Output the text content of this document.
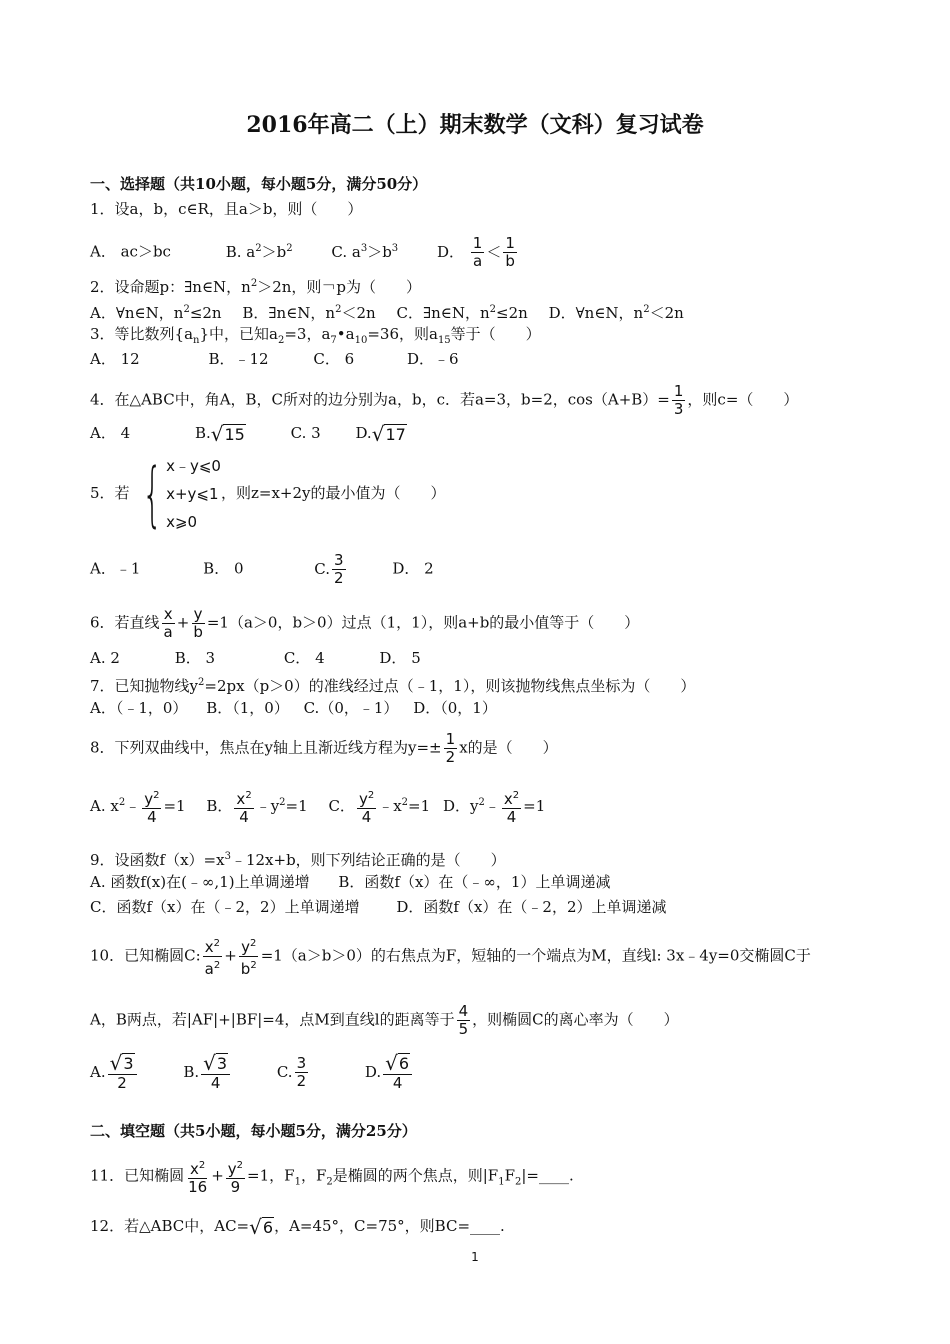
2016年高二（上）期末数学（文科）复习试卷
一、选择题（共10小题，每小题5分，满分50分）
1．设a，b，c∈R，且a＞b，则（　　）
A． ac＞bc	B. $a^2>b^2$	C. $a^3>b^3$	D． $\frac{1}{a} < \frac{1}{b}$
2．设命题p：∃n∈N，$n^2>2n$，则￢p为（　　）
A．∀n∈N，$n^2\le 2n$ B．∃n∈N，$n^2<2n$ C．∃n∈N，$n^2\le 2n$ D．∀n∈N，$n^2<2n$
3．等比数列$\{a_n\}$中，已知$a_2=3$，$a_7•a_{10}=36$，则$a_{15}$等于（　　）
A． 12	B．﹣12	C． 6	D．﹣6
4．在△ABC中，角A，B，C所对的边分别为a，b，c．若a=3，b=2，$\cos(A+B)= \frac{1}{3}$ ，则c=（　　）
A． 4	B. √ 15	C. 3 D. √ 17
5．若 { x﹣y⩽0
x+y⩽1
x⩾0
，则z=x+2y的最小值为（　　）
A．﹣1	B． 0	C. $\frac{3}{2}$	D． 2
6．若直线 $\frac{x}{a} + \frac{y}{b} =1(a>0$，b＞0）过点（1，1），则a+b的最小值等于（　　）
A. 2	B． 3	C． 4	D． 5
7．已知抛物线$y^2=2px(p>0)$的准线经过点（﹣1，1），则该抛物线焦点坐标为（　　）
A．（﹣1，0） B．（1，0） C.（0，﹣1） D．（0，1）
8．下列双曲线中，焦点在y轴上且渐近线方程为$y=\pm \frac{1}{2}$ x的是（　　）
A. $x^2﹣ \frac{y^2}{4} =1$ B． $\frac{x^2}{4}$ $﹣y^2=1$ C． $\frac{y^2}{4}$ $﹣x^2=1$ D．$y^2﹣ \frac{x^2}{4} =1$
9．设函数$f(x)=x^3﹣12x+b$，则下列结论正确的是（　　）
A. 函数f(x)在(﹣∞,1)上单调递增 B．函数f（x）在（﹣∞，1）上单调递减
C．函数f（x）在（﹣2，2）上单调递增 D．函数f（x）在（﹣2，2）上单调递减
10．已知椭圆C: $\frac{x^2}{a^2} + \frac{y^2}{b^2} =1(a>b>0)$的右焦点为F，短轴的一个端点为M，直线l: 3x﹣4y=0交椭圆C于
A，B两点，若|AF|+|BF|=4，点M到直线l的距离等于 $\frac{4}{5}$ ，则椭圆C的离心率为（　　）
A. $\frac{√ 3}{2}$	B. $\frac{√ 3}{4}$	C. $\frac{3}{2}$	D. $\frac{√ 6}{4}$
二、填空题（共5小题，每小题5分，满分25分）
11．已知椭圆 $\frac{x^2}{16} + \frac{y^2}{9} =1$，$F_1$，$F_2$是椭圆的两个焦点，则$|F_1F_2|=\_\_\_\_$.
12．若△ABC中，AC= √ 6 ，A=45°，C=75°，则BC=____.
1
